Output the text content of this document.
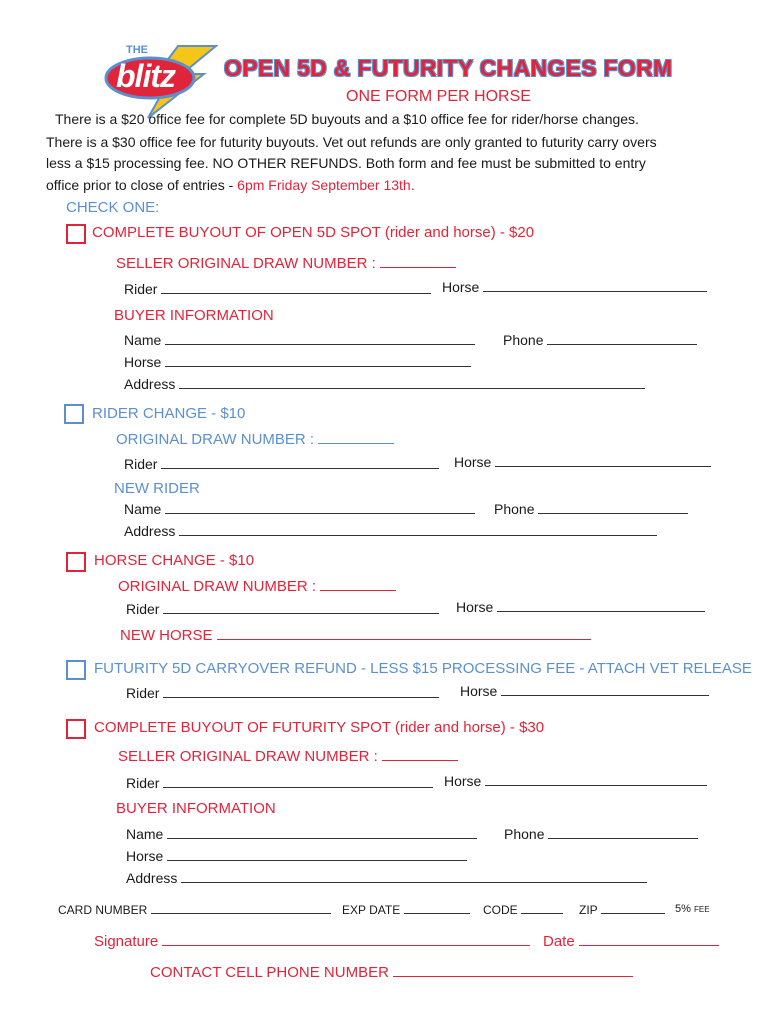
THE
blitz OPEN 5D & FUTURITY CHANGES FORM
ONE FORM PER HORSE
There is a $20 office fee for complete 5D buyouts and a $10 office fee for rider/horse changes.
There is a $30 office fee for futurity buyouts. Vet out refunds are only granted to futurity carry overs
less a $15 processing fee. NO OTHER REFUNDS. Both form and fee must be submitted to entry
office prior to close of entries - 6pm Friday September 13th.
CHECK ONE:
COMPLETE BUYOUT OF OPEN 5D SPOT (rider and horse) - $20
SELLER ORIGINAL DRAW NUMBER :
Rider	Horse
BUYER INFORMATION
Name	Phone
Horse
Address
RIDER CHANGE - $10
ORIGINAL DRAW NUMBER :
Rider	Horse
NEW RIDER
Name	Phone
Address
HORSE CHANGE - $10
ORIGINAL DRAW NUMBER :
Rider	Horse
NEW HORSE
FUTURITY 5D CARRYOVER REFUND - LESS $15 PROCESSING FEE - ATTACH VET RELEASE
Rider	Horse
COMPLETE BUYOUT OF FUTURITY SPOT (rider and horse) - $30
SELLER ORIGINAL DRAW NUMBER :
Rider	Horse
BUYER INFORMATION
Name	Phone
Horse
Address
CARD NUMBER	EXP DATE	CODE	ZIP	5% FEE
Signature	Date
CONTACT CELL PHONE NUMBER
